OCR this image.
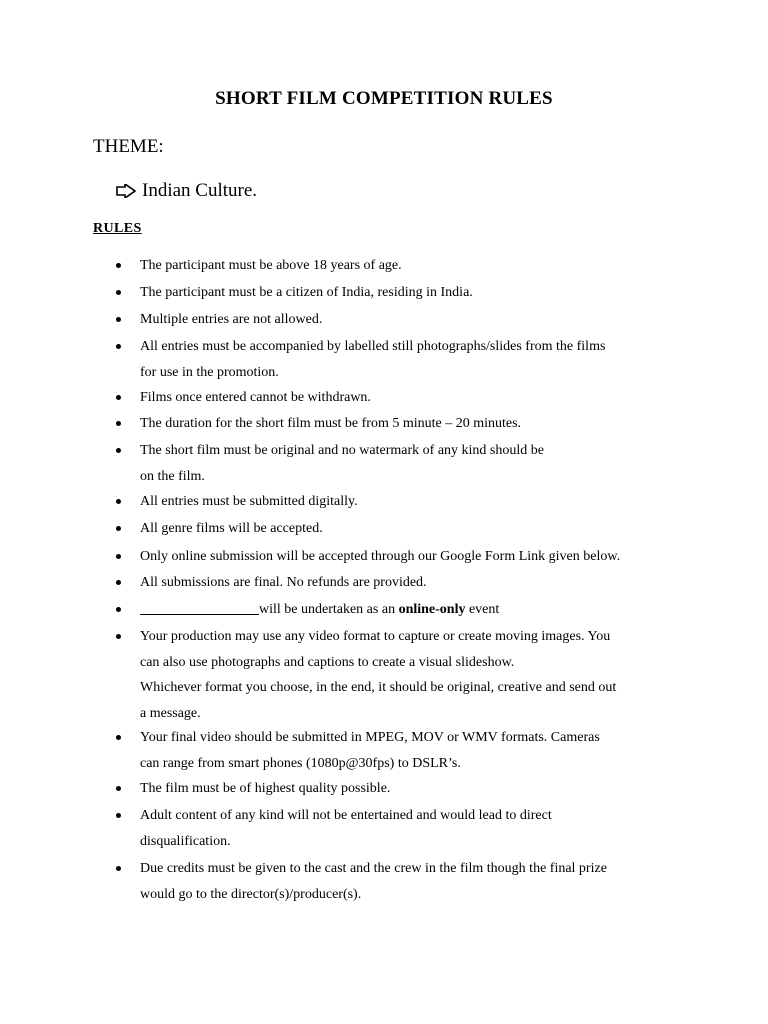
SHORT FILM COMPETITION RULES
THEME:
Indian Culture.
RULES
The participant must be above 18 years of age.
The participant must be a citizen of India, residing in India.
Multiple entries are not allowed.
All entries must be accompanied by labelled still photographs/slides from the films
for use in the promotion.
Films once entered cannot be withdrawn.
The duration for the short film must be from 5 minute – 20 minutes.
The short film must be original and no watermark of any kind should be
on the film.
All entries must be submitted digitally.
All genre films will be accepted.
Only online submission will be accepted through our Google Form Link given below.
All submissions are final. No refunds are provided.
will be undertaken as an online-only event
Your production may use any video format to capture or create moving images. You
can also use photographs and captions to create a visual slideshow.
Whichever format you choose, in the end, it should be original, creative and send out
a message.
Your final video should be submitted in MPEG, MOV or WMV formats. Cameras
can range from smart phones (1080p@30fps) to DSLR’s.
The film must be of highest quality possible.
Adult content of any kind will not be entertained and would lead to direct
disqualification.
Due credits must be given to the cast and the crew in the film though the final prize
would go to the director(s)/producer(s).
